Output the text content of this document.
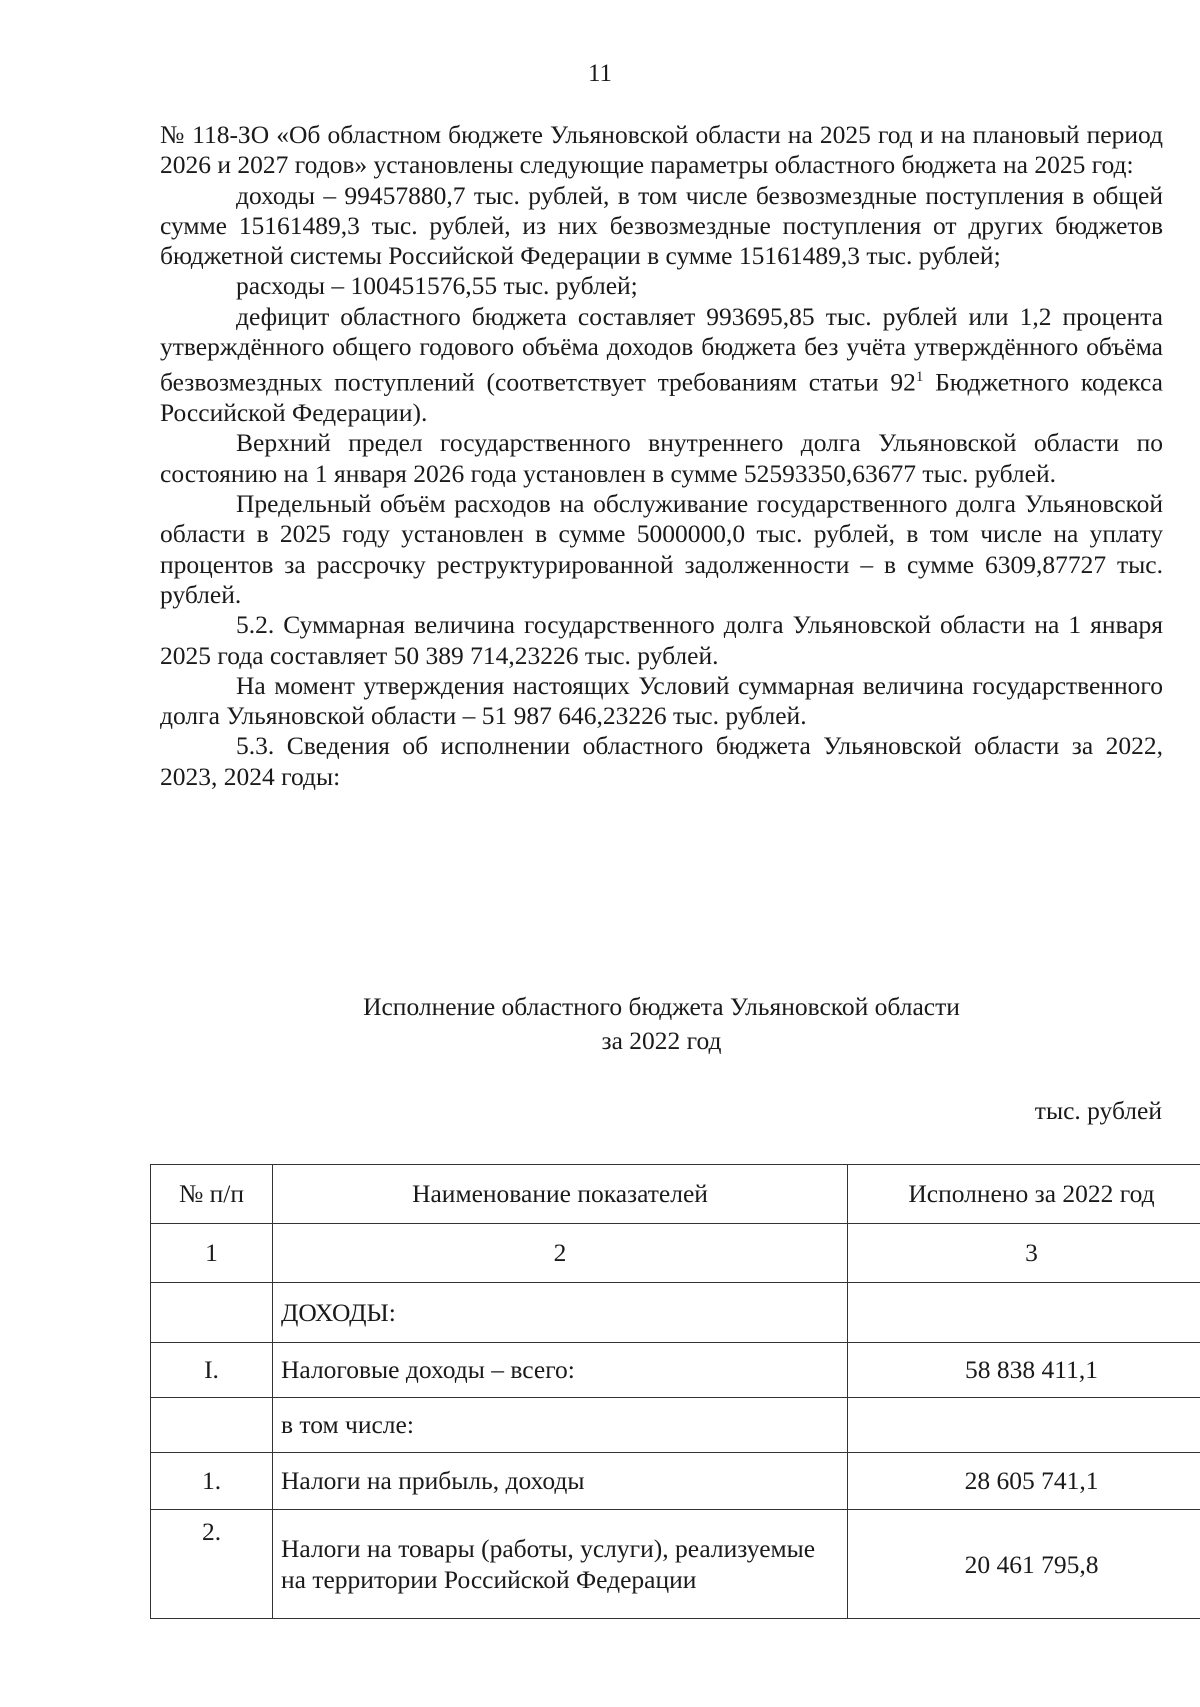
11

№ 118-ЗО «Об областном бюджете Ульяновской области на 2025 год и на плановый период 2026 и 2027 годов» установлены следующие параметры областного бюджета на 2025 год:

доходы – 99457880,7 тыс. рублей, в том числе безвозмездные поступления в общей сумме 15161489,3 тыс. рублей, из них безвозмездные поступления от других бюджетов бюджетной системы Российской Федерации в сумме 15161489,3 тыс. рублей;

расходы – 100451576,55 тыс. рублей;

дефицит областного бюджета составляет 993695,85 тыс. рублей или 1,2 процента утверждённого общего годового объёма доходов бюджета без учёта утверждённого объёма безвозмездных поступлений (соответствует требованиям статьи $92^1$ Бюджетного кодекса Российской Федерации).

Верхний предел государственного внутреннего долга Ульяновской области по состоянию на 1 января 2026 года установлен в сумме 52593350,63677 тыс. рублей.

Предельный объём расходов на обслуживание государственного долга Ульяновской области в 2025 году установлен в сумме 5000000,0 тыс. рублей, в том числе на уплату процентов за рассрочку реструктурированной задолженности – в сумме 6309,87727 тыс. рублей.

5.2. Суммарная величина государственного долга Ульяновской области на 1 января 2025 года составляет 50 389 714,23226 тыс. рублей.

На момент утверждения настоящих Условий суммарная величина государственного долга Ульяновской области – 51 987 646,23226 тыс. рублей.

5.3. Сведения об исполнении областного бюджета Ульяновской области за 2022, 2023, 2024 годы:

Исполнение областного бюджета Ульяновской области
за 2022 год
тыс. рублей
№ п/п	Наименование показателей	Исполнено за 2022 год
1	2	3
	ДОХОДЫ:	
I.	Налоговые доходы – всего:	58 838 411,1
	в том числе:	
1.	Налоги на прибыль, доходы	28 605 741,1
2.	Налоги на товары (работы, услуги), реализуемые на территории Российской Федерации	20 461 795,8
